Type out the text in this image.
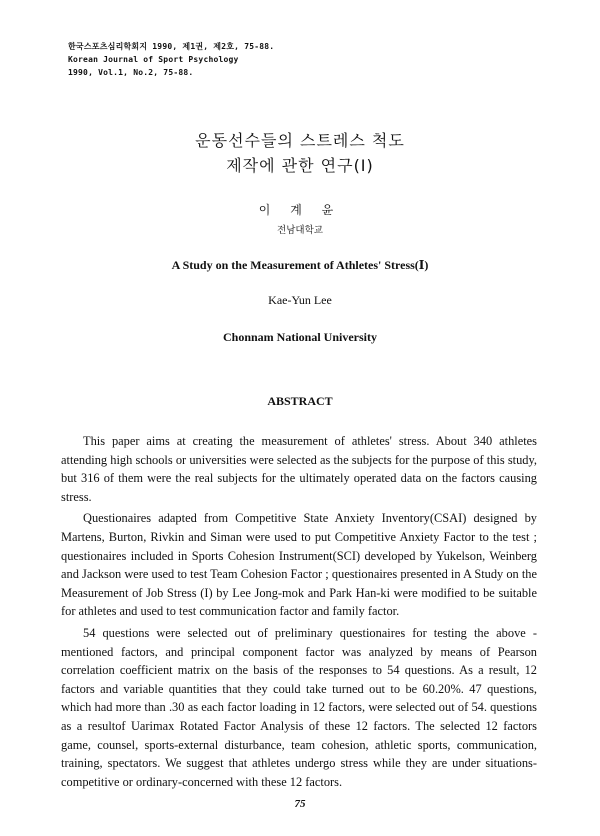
한국스포츠심리학회지 1990, 제1권, 제2호, 75-88.
Korean Journal of Sport Psychology
1990, Vol.1, No.2, 75-88.
운동선수들의 스트레스 척도
제작에 관한 연구(Ⅰ)
이 계 윤
전남대학교
A Study on the Measurement of Athletes' Stress(Ⅰ)
Kae-Yun Lee
Chonnam National University
ABSTRACT

This paper aims at creating the measurement of athletes' stress. About 340 athletes attending high schools or universities were selected as the subjects for the purpose of this study, but 316 of them were the real subjects for the ultimately operated data on the factors causing stress.

Questionaires adapted from Competitive State Anxiety Inventory(CSAI) designed by Martens, Burton, Rivkin and Siman were used to put Competitive Anxiety Factor to the test ; questionaires included in Sports Cohesion Instrument(SCI) developed by Yukelson, Weinberg and Jackson were used to test Team Cohesion Factor ; questionaires presented in A Study on the Measurement of Job Stress (I) by Lee Jong-mok and Park Han-ki were modified to be suitable for athletes and used to test communication factor and family factor.

54 questions were selected out of preliminary questionaires for testing the above -mentioned factors, and principal component factor was analyzed by means of Pearson correlation coefficient matrix on the basis of the responses to 54 questions. As a result, 12 factors and variable quantities that they could take turned out to be 60.20%. 47 questions, which had more than .30 as each factor loading in 12 factors, were selected out of 54. questions as a resultof Uarimax Rotated Factor Analysis of these 12 factors. The selected 12 factors game, counsel, sports-external disturbance, team cohesion, athletic sports, communication, training, spectators. We suggest that athletes undergo stress while they are under situations-competitive or ordinary-concerned with these 12 factors.

75
